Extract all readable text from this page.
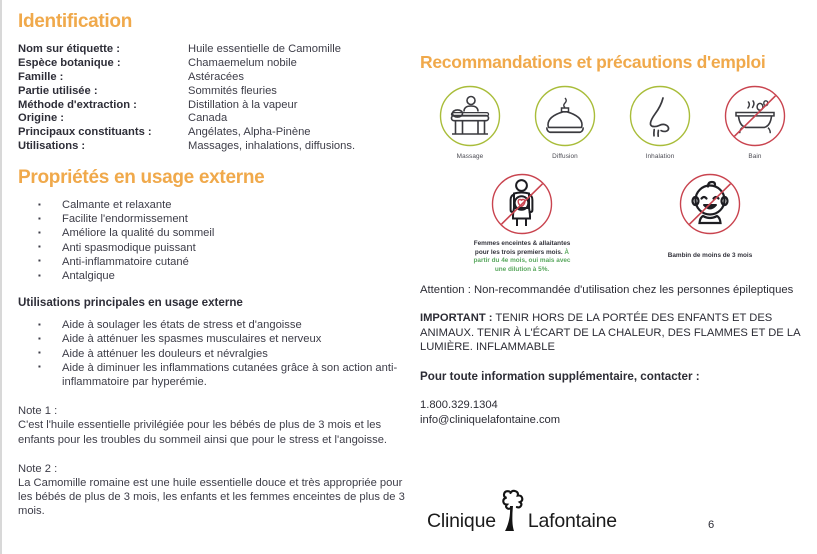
Identification
Nom sur étiquette :	Huile essentielle de Camomille
Espèce botanique :	Chamaemelum nobile
Famille :	Astéracées
Partie utilisée :	Sommités fleuries
Méthode d'extraction :	Distillation à la vapeur
Origine :	Canada
Principaux constituants :	Angélates, Alpha-Pinène
Utilisations :	Massages, inhalations, diffusions.
Propriétés en usage externe
▪ Calmante et relaxante
▪ Facilite l'endormissement
▪ Améliore la qualité du sommeil
▪ Anti spasmodique puissant
▪ Anti-inflammatoire cutané
▪ Antalgique
Utilisations principales en usage externe
▪ Aide à soulager les états de stress et d'angoisse
▪ Aide à atténuer les spasmes musculaires et nerveux
▪ Aide à atténuer les douleurs et névralgies
▪ Aide à diminuer les inflammations cutanées grâce à son action anti-inflammatoire par hyperémie.
Note 1 :
C'est l'huile essentielle privilégiée pour les bébés de plus de 3 mois et les enfants pour les troubles du sommeil ainsi que pour le stress et l'angoisse.
Note 2 :
La Camomille romaine est une huile essentielle douce et très appropriée pour les bébés de plus de 3 mois, les enfants et les femmes enceintes de plus de 3 mois.
Recommandations et précautions d'emploi
Massage	Diffusion	Inhalation	Bain
Femmes enceintes & allaitantes pour les trois premiers mois. À partir du 4e mois, oui mais avec une dilution à 5%.
Bambin de moins de 3 mois
Attention : Non-recommandée d'utilisation chez les personnes épileptiques
IMPORTANT : TENIR HORS DE LA PORTÉE DES ENFANTS ET DES ANIMAUX. TENIR À L'ÉCART DE LA CHALEUR, DES FLAMMES ET DE LA LUMIÈRE. INFLAMMABLE
Pour toute information supplémentaire, contacter :
1.800.329.1304
info@cliniquelafontaine.com
Clinique Lafontaine	6
